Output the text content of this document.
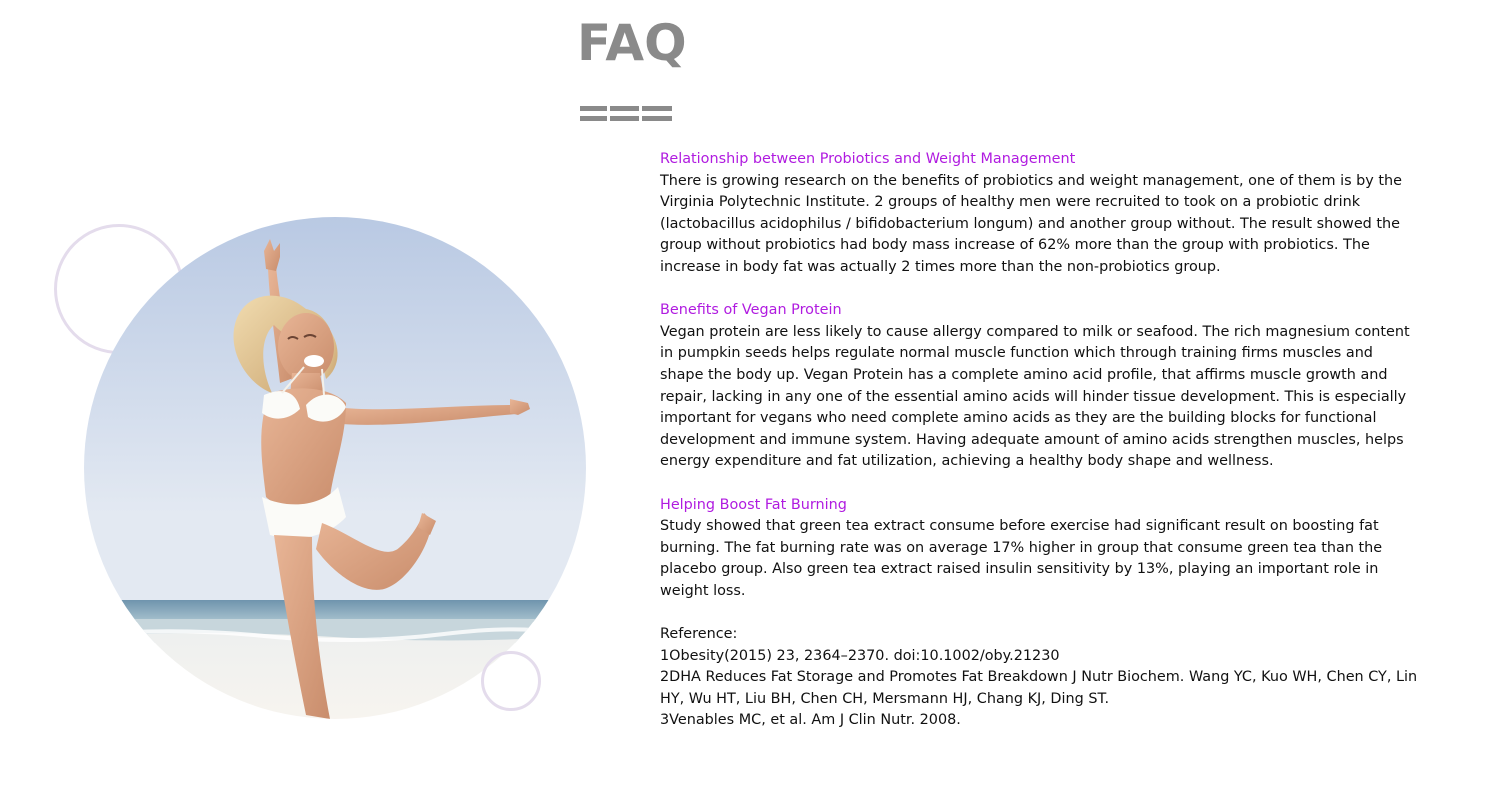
FAQ
Relationship between Probiotics and Weight Management

There is growing research on the benefits of probiotics and weight management, one of them is by the Virginia Polytechnic Institute. 2 groups of healthy men were recruited to took on a probiotic drink (lactobacillus acidophilus / bifidobacterium longum) and another group without. The result showed the group without probiotics had body mass increase of 62% more than the group with probiotics. The increase in body fat was actually 2 times more than the non-probiotics group.

Benefits of Vegan Protein

Vegan protein are less likely to cause allergy compared to milk or seafood. The rich magnesium content in pumpkin seeds helps regulate normal muscle function which through training firms muscles and shape the body up. Vegan Protein has a complete amino acid profile, that affirms muscle growth and repair, lacking in any one of the essential amino acids will hinder tissue development. This is especially important for vegans who need complete amino acids as they are the building blocks for functional development and immune system. Having adequate amount of amino acids strengthen muscles, helps energy expenditure and fat utilization, achieving a healthy body shape and wellness.

Helping Boost Fat Burning

Study showed that green tea extract consume before exercise had significant result on boosting fat burning. The fat burning rate was on average 17% higher in group that consume green tea than the placebo group. Also green tea extract raised insulin sensitivity by 13%, playing an important role in weight loss.

Reference:

1Obesity(2015) 23, 2364–2370. doi:10.1002/oby.21230

2DHA Reduces Fat Storage and Promotes Fat Breakdown J Nutr Biochem. Wang YC, Kuo WH, Chen CY, Lin HY, Wu HT, Liu BH, Chen CH, Mersmann HJ, Chang KJ, Ding ST.

3Venables MC, et al. Am J Clin Nutr. 2008.
